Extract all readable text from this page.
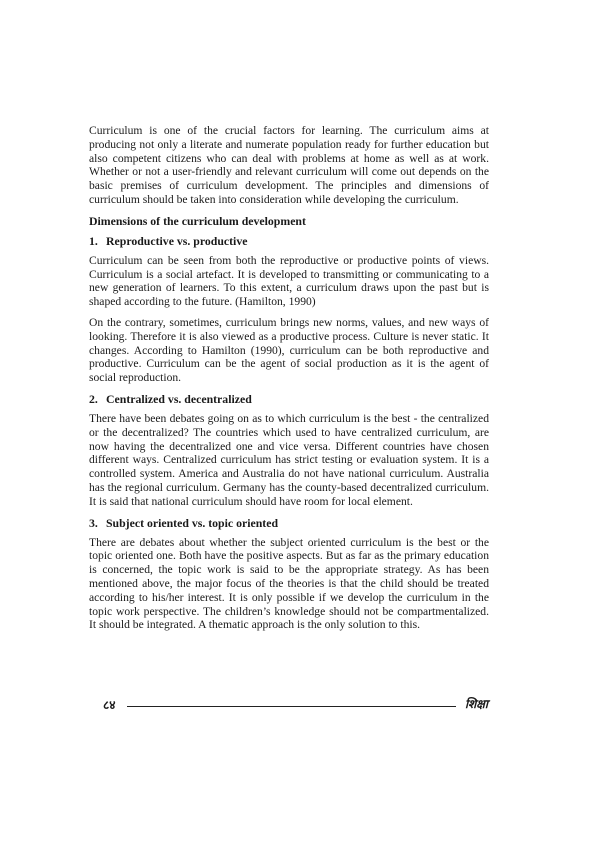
Curriculum is one of the crucial factors for learning. The curriculum aims at producing not only a literate and numerate population ready for further education but also competent citizens who can deal with problems at home as well as at work. Whether or not a user-friendly and relevant curriculum will come out depends on the basic premises of curriculum development. The principles and dimensions of curriculum should be taken into consideration while developing the curriculum.

Dimensions of the curriculum development
1. Reproductive vs. productive

Curriculum can be seen from both the reproductive or productive points of views. Curriculum is a social artefact. It is developed to transmitting or communicating to a new generation of learners. To this extent, a curriculum draws upon the past but is shaped according to the future. (Hamilton, 1990)

On the contrary, sometimes, curriculum brings new norms, values, and new ways of looking. Therefore it is also viewed as a productive process. Culture is never static. It changes. According to Hamilton (1990), curriculum can be both reproductive and productive. Curriculum can be the agent of social production as it is the agent of social reproduction.

2. Centralized vs. decentralized

There have been debates going on as to which curriculum is the best - the centralized or the decentralized? The countries which used to have centralized curriculum, are now having the decentralized one and vice versa. Different countries have chosen different ways. Centralized curriculum has strict testing or evaluation system. It is a controlled system. America and Australia do not have national curriculum. Australia has the regional curriculum. Germany has the county-based decentralized curriculum. It is said that national curriculum should have room for local element.

3. Subject oriented vs. topic oriented

There are debates about whether the subject oriented curriculum is the best or the topic oriented one. Both have the positive aspects. But as far as the primary education is concerned, the topic work is said to be the appropriate strategy. As has been mentioned above, the major focus of the theories is that the child should be treated according to his/her interest. It is only possible if we develop the curriculum in the topic work perspective. The children’s knowledge should not be compartmentalized. It should be integrated. A thematic approach is the only solution to this.

८४	शिक्षा
